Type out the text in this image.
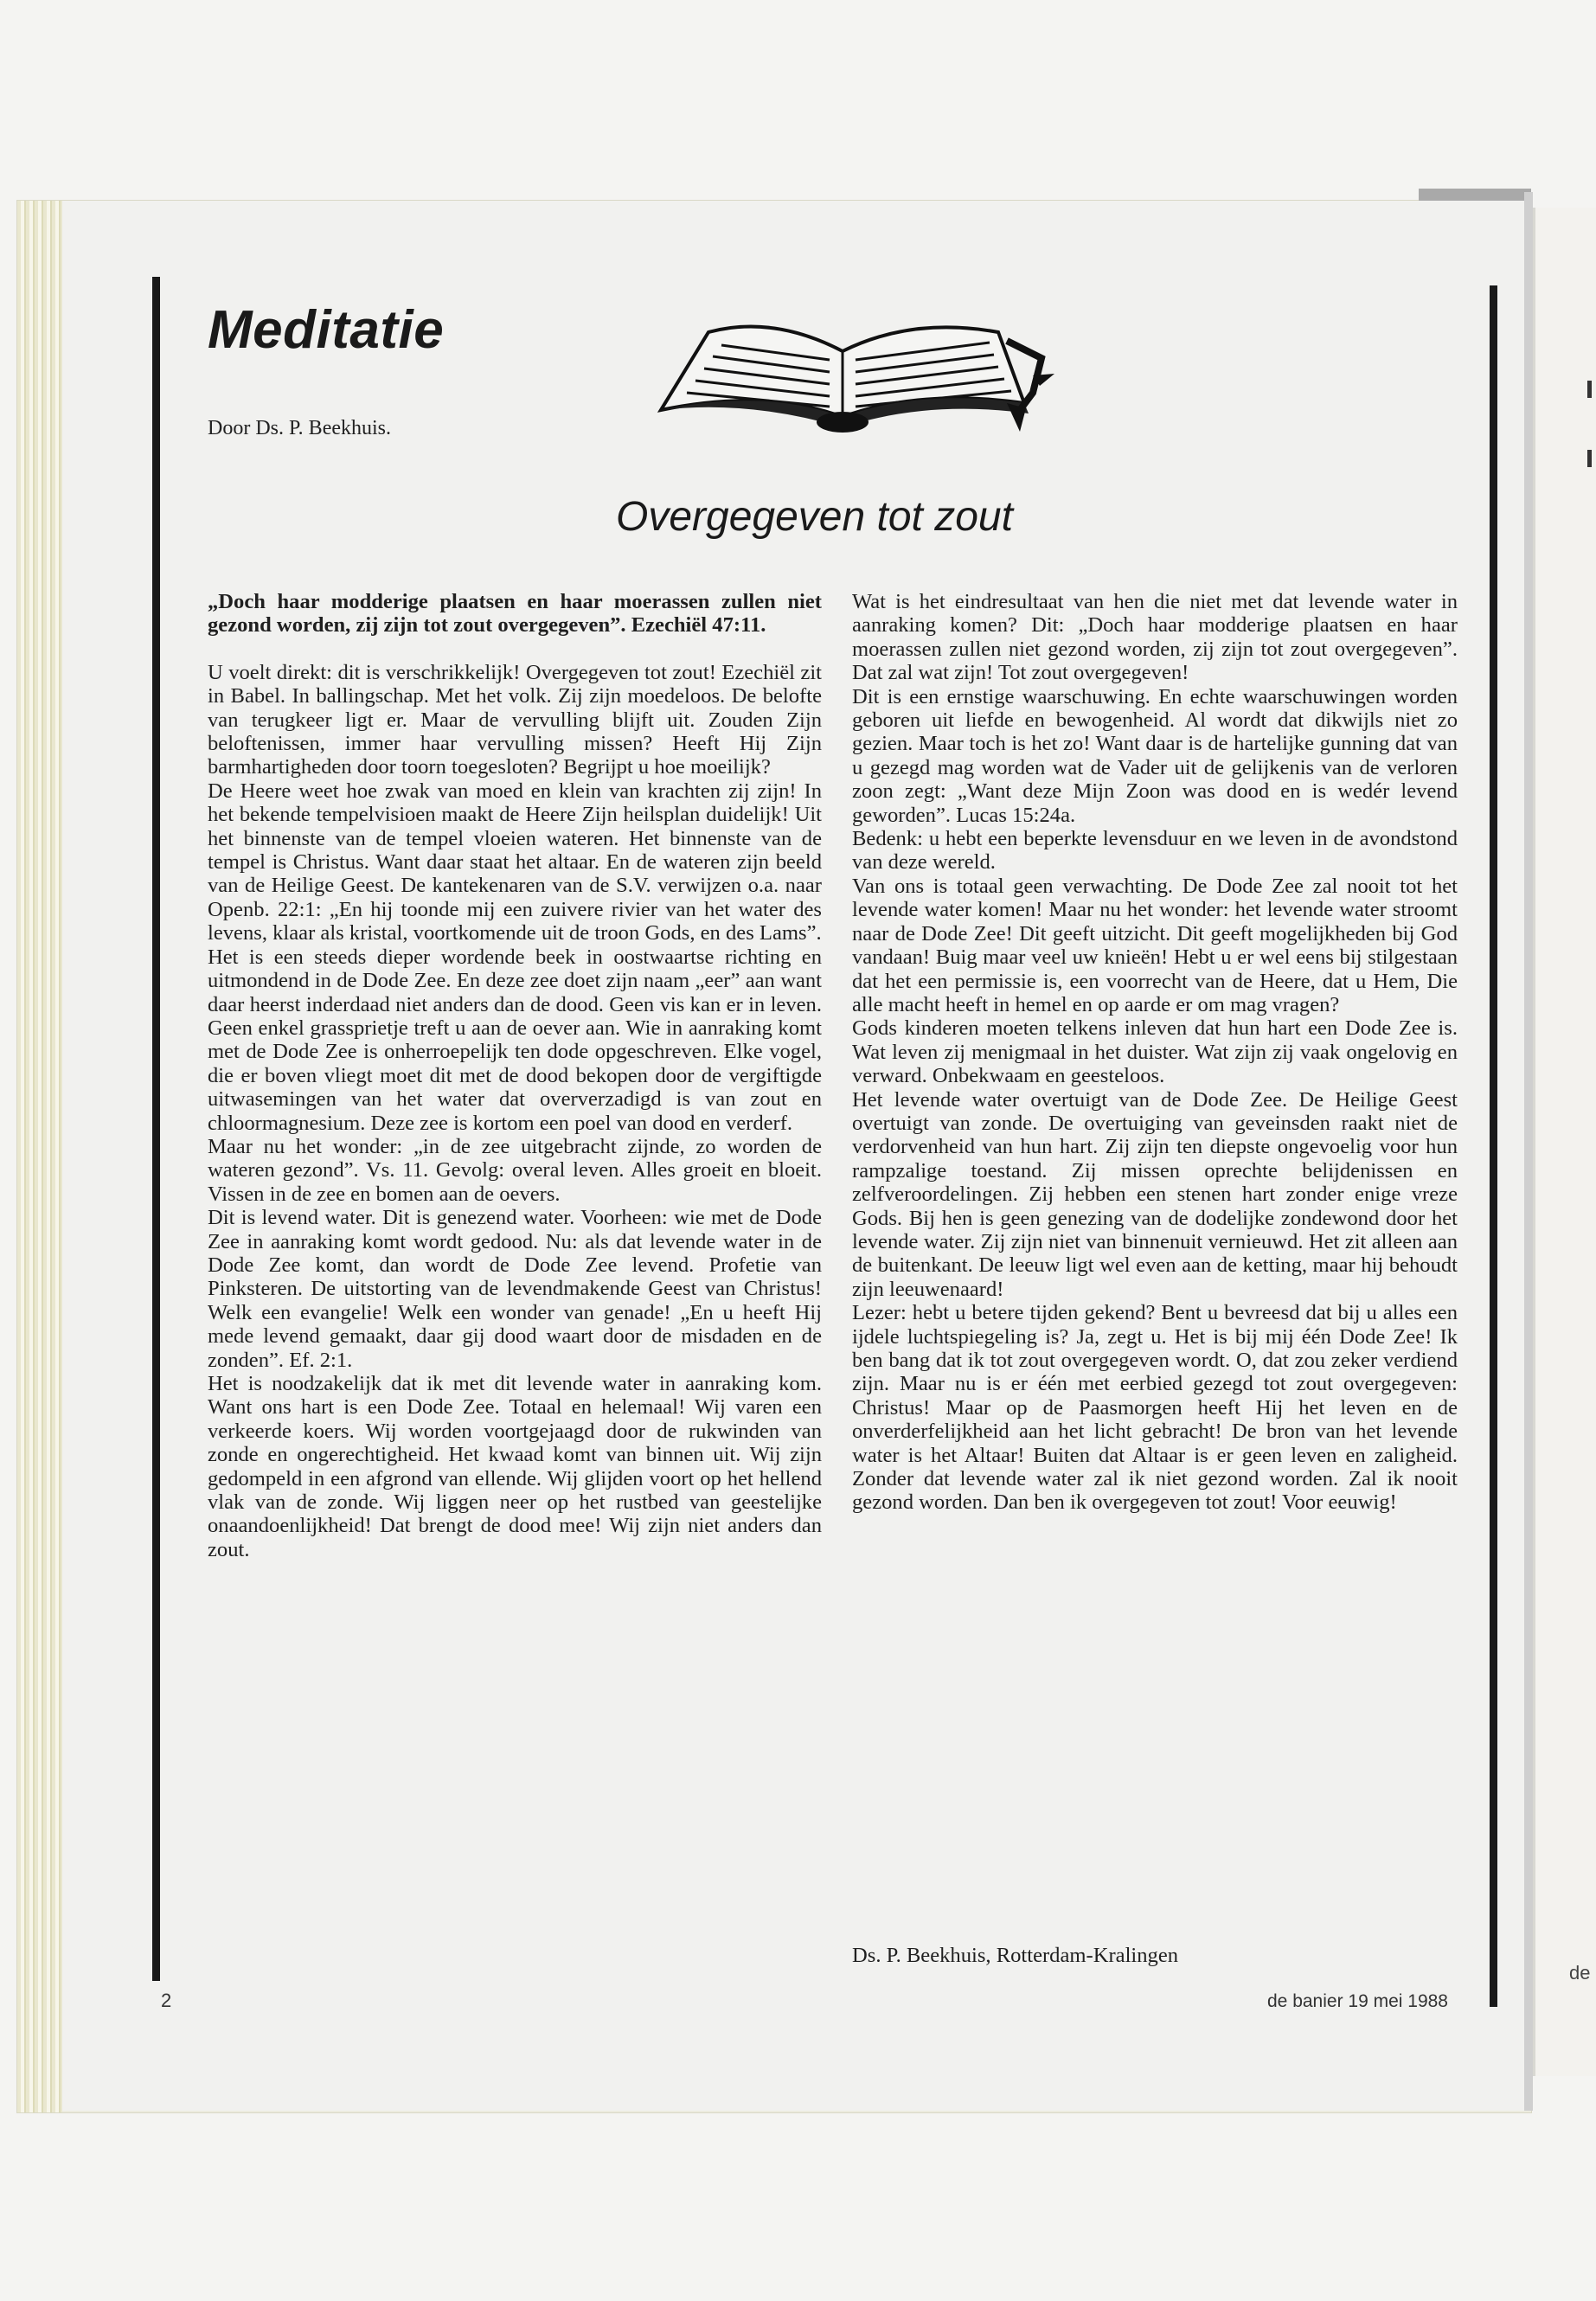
de
Meditatie
Door Ds. P. Beekhuis.
Overgegeven tot zout

„Doch haar modderige plaatsen en haar moerassen zullen niet gezond worden, zij zijn tot zout overgegeven”. Ezechiël 47:11.

U voelt direkt: dit is verschrikkelijk! Overgegeven tot zout! Ezechiël zit in Babel. In ballingschap. Met het volk. Zij zijn moedeloos. De belofte van terugkeer ligt er. Maar de vervulling blijft uit. Zouden Zijn beloftenissen, immer haar vervulling missen? Heeft Hij Zijn barmhartigheden door toorn toegesloten? Begrijpt u hoe moeilijk?

De Heere weet hoe zwak van moed en klein van krachten zij zijn! In het bekende tempelvisioen maakt de Heere Zijn heilsplan duidelijk! Uit het binnenste van de tempel vloeien wateren. Het binnenste van de tempel is Christus. Want daar staat het altaar. En de wateren zijn beeld van de Heilige Geest. De kantekenaren van de S.V. verwijzen o.a. naar Openb. 22:1: „En hij toonde mij een zuivere rivier van het water des levens, klaar als kristal, voortkomende uit de troon Gods, en des Lams”.

Het is een steeds dieper wordende beek in oostwaartse richting en uitmondend in de Dode Zee. En deze zee doet zijn naam „eer” aan want daar heerst inderdaad niet anders dan de dood. Geen vis kan er in leven. Geen enkel grassprietje treft u aan de oever aan. Wie in aanraking komt met de Dode Zee is onherroepelijk ten dode opgeschreven. Elke vogel, die er boven vliegt moet dit met de dood bekopen door de vergiftigde uitwasemingen van het water dat oververzadigd is van zout en chloormagnesium. Deze zee is kortom een poel van dood en verderf.

Maar nu het wonder: „in de zee uitgebracht zijnde, zo worden de wateren gezond”. Vs. 11. Gevolg: overal leven. Alles groeit en bloeit. Vissen in de zee en bomen aan de oevers.

Dit is levend water. Dit is genezend water. Voorheen: wie met de Dode Zee in aanraking komt wordt gedood. Nu: als dat levende water in de Dode Zee komt, dan wordt de Dode Zee levend. Profetie van Pinksteren. De uitstorting van de levendmakende Geest van Christus! Welk een evangelie! Welk een wonder van genade! „En u heeft Hij mede levend gemaakt, daar gij dood waart door de misdaden en de zonden”. Ef. 2:1.

Het is noodzakelijk dat ik met dit levende water in aanraking kom. Want ons hart is een Dode Zee. Totaal en helemaal! Wij varen een verkeerde koers. Wij worden voortgejaagd door de rukwinden van zonde en ongerechtigheid. Het kwaad komt van binnen uit. Wij zijn gedompeld in een afgrond van ellende. Wij glijden voort op het hellend vlak van de zonde. Wij liggen neer op het rustbed van geestelijke onaandoenlijkheid! Dat brengt de dood mee! Wij zijn niet anders dan zout.

Wat is het eindresultaat van hen die niet met dat levende water in aanraking komen? Dit: „Doch haar modderige plaatsen en haar moerassen zullen niet gezond worden, zij zijn tot zout overgegeven”. Dat zal wat zijn! Tot zout overgegeven!

Dit is een ernstige waarschuwing. En echte waarschuwingen worden geboren uit liefde en bewogenheid. Al wordt dat dikwijls niet zo gezien. Maar toch is het zo! Want daar is de hartelijke gunning dat van u gezegd mag worden wat de Vader uit de gelijkenis van de verloren zoon zegt: „Want deze Mijn Zoon was dood en is wedér levend geworden”. Lucas 15:24a.

Bedenk: u hebt een beperkte levensduur en we leven in de avondstond van deze wereld.

Van ons is totaal geen verwachting. De Dode Zee zal nooit tot het levende water komen! Maar nu het wonder: het levende water stroomt naar de Dode Zee! Dit geeft uitzicht. Dit geeft mogelijkheden bij God vandaan! Buig maar veel uw knieën! Hebt u er wel eens bij stilgestaan dat het een permissie is, een voorrecht van de Heere, dat u Hem, Die alle macht heeft in hemel en op aarde er om mag vragen?

Gods kinderen moeten telkens inleven dat hun hart een Dode Zee is. Wat leven zij menigmaal in het duister. Wat zijn zij vaak ongelovig en verward. Onbekwaam en geesteloos.

Het levende water overtuigt van de Dode Zee. De Heilige Geest overtuigt van zonde. De overtuiging van geveinsden raakt niet de verdorvenheid van hun hart. Zij zijn ten diepste ongevoelig voor hun rampzalige toestand. Zij missen oprechte belijdenissen en zelfveroordelingen. Zij hebben een stenen hart zonder enige vreze Gods. Bij hen is geen genezing van de dodelijke zondewond door het levende water. Zij zijn niet van binnenuit vernieuwd. Het zit alleen aan de buitenkant. De leeuw ligt wel even aan de ketting, maar hij behoudt zijn leeuwenaard!

Lezer: hebt u betere tijden gekend? Bent u bevreesd dat bij u alles een ijdele luchtspiegeling is? Ja, zegt u. Het is bij mij één Dode Zee! Ik ben bang dat ik tot zout overgegeven wordt. O, dat zou zeker verdiend zijn. Maar nu is er één met eerbied gezegd tot zout overgegeven: Christus! Maar op de Paasmorgen heeft Hij het leven en de onverderfelijkheid aan het licht gebracht! De bron van het levende water is het Altaar! Buiten dat Altaar is er geen leven en zaligheid. Zonder dat levende water zal ik niet gezond worden. Zal ik nooit gezond worden. Dan ben ik overgegeven tot zout! Voor eeuwig!

Ds. P. Beekhuis, Rotterdam-Kralingen
2	de banier 19 mei 1988
